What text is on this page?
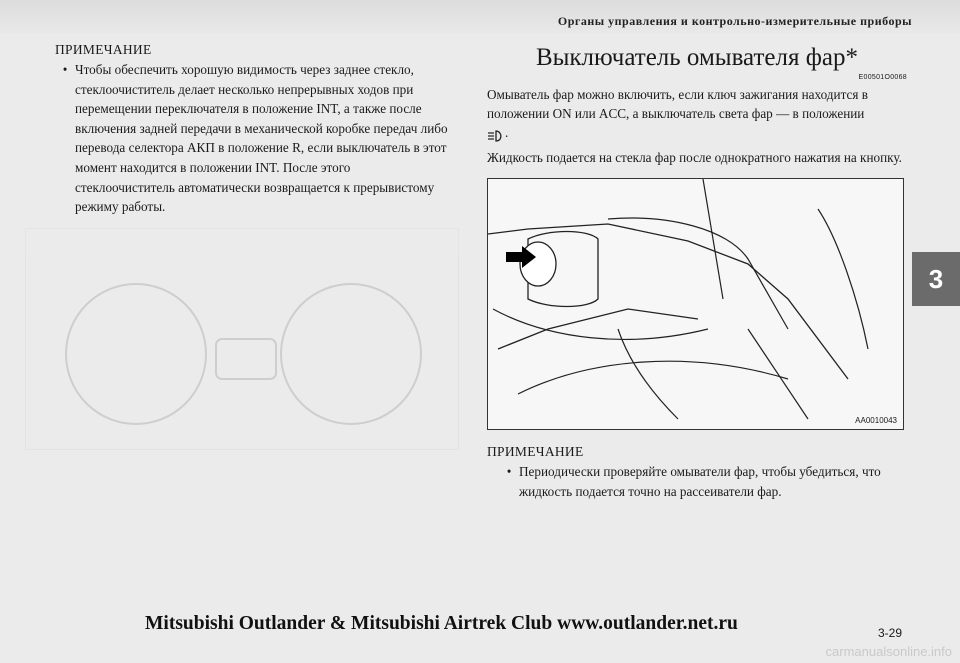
Органы управления и контрольно-измерительные приборы

ПРИМЕЧАНИЕ

• Чтобы обеспечить хорошую видимость через заднее стекло, стеклоочиститель делает несколько непрерывных ходов при перемещении переключателя в положение INT, а также после включения задней передачи в механической коробке передач либо перевода селектора АКП в положение R, если выключатель в этот момент находится в положении INT. После этого стеклоочиститель автоматически возвращается к прерывистому режиму работы.

Выключатель омывателя фар*

E00501O0068

Омыватель фар можно включить, если ключ зажигания находится в положении ON или ACC, а выключатель света фар — в положении
.

Жидкость подается на стекла фар после однократного нажатия на кнопку.

AA0010043

ПРИМЕЧАНИЕ

• Периодически проверяйте омыватели фар, чтобы убедиться, что жидкость подается точно на рассеиватели фар.
3
Mitsubishi Outlander & Mitsubishi Airtrek Club www.outlander.net.ru	3-29
carmanualsonline.info
